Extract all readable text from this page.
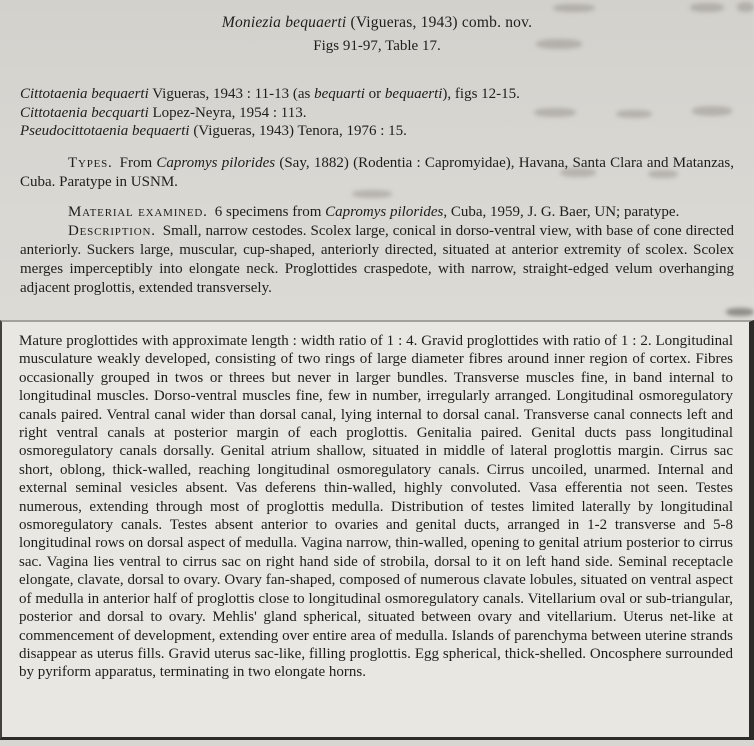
Moniezia bequaerti (Vigueras, 1943) comb. nov.
Figs 91-97, Table 17.
Cittotaenia bequaerti Vigueras, 1943 : 11-13 (as bequarti or bequaerti), figs 12-15.
Cittotaenia becquarti Lopez-Neyra, 1954 : 113.
Pseudocittotaenia bequaerti (Vigueras, 1943) Tenora, 1976 : 15.

Types. From Capromys pilorides (Say, 1882) (Rodentia : Capromyidae), Havana, Santa Clara and Matanzas, Cuba. Paratype in USNM.

Material examined. 6 specimens from Capromys pilorides, Cuba, 1959, J. G. Baer, UN; paratype.

Description. Small, narrow cestodes. Scolex large, conical in dorso-ventral view, with base of cone directed anteriorly. Suckers large, muscular, cup-shaped, anteriorly directed, situated at anterior extremity of scolex. Scolex merges imperceptibly into elongate neck. Proglottides craspedote, with narrow, straight-edged velum overhanging adjacent proglottis, extended transversely.

Mature proglottides with approximate length : width ratio of 1 : 4. Gravid proglottides with ratio of 1 : 2. Longitudinal musculature weakly developed, consisting of two rings of large diameter fibres around inner region of cortex. Fibres occasionally grouped in twos or threes but never in larger bundles. Transverse muscles fine, in band internal to longitudinal muscles. Dorso-ventral muscles fine, few in number, irregularly arranged. Longitudinal osmoregulatory canals paired. Ventral canal wider than dorsal canal, lying internal to dorsal canal. Transverse canal connects left and right ventral canals at posterior margin of each proglottis. Genitalia paired. Genital ducts pass longitudinal osmoregulatory canals dorsally. Genital atrium shallow, situated in middle of lateral proglottis margin. Cirrus sac short, oblong, thick-walled, reaching longitudinal osmoregulatory canals. Cirrus uncoiled, unarmed. Internal and external seminal vesicles absent. Vas deferens thin-walled, highly convoluted. Vasa efferentia not seen. Testes numerous, extending through most of proglottis medulla. Distribution of testes limited laterally by longitudinal osmoregulatory canals. Testes absent anterior to ovaries and genital ducts, arranged in 1-2 transverse and 5-8 longitudinal rows on dorsal aspect of medulla. Vagina narrow, thin-walled, opening to genital atrium posterior to cirrus sac. Vagina lies ventral to cirrus sac on right hand side of strobila, dorsal to it on left hand side. Seminal receptacle elongate, clavate, dorsal to ovary. Ovary fan-shaped, composed of numerous clavate lobules, situated on ventral aspect of medulla in anterior half of proglottis close to longitudinal osmoregulatory canals. Vitellarium oval or sub-triangular, posterior and dorsal to ovary. Mehlis' gland spherical, situated between ovary and vitellarium. Uterus net-like at commencement of development, extending over entire area of medulla. Islands of parenchyma between uterine strands disappear as uterus fills. Gravid uterus sac-like, filling proglottis. Egg spherical, thick-shelled. Oncosphere surrounded by pyriform apparatus, terminating in two elongate horns.
